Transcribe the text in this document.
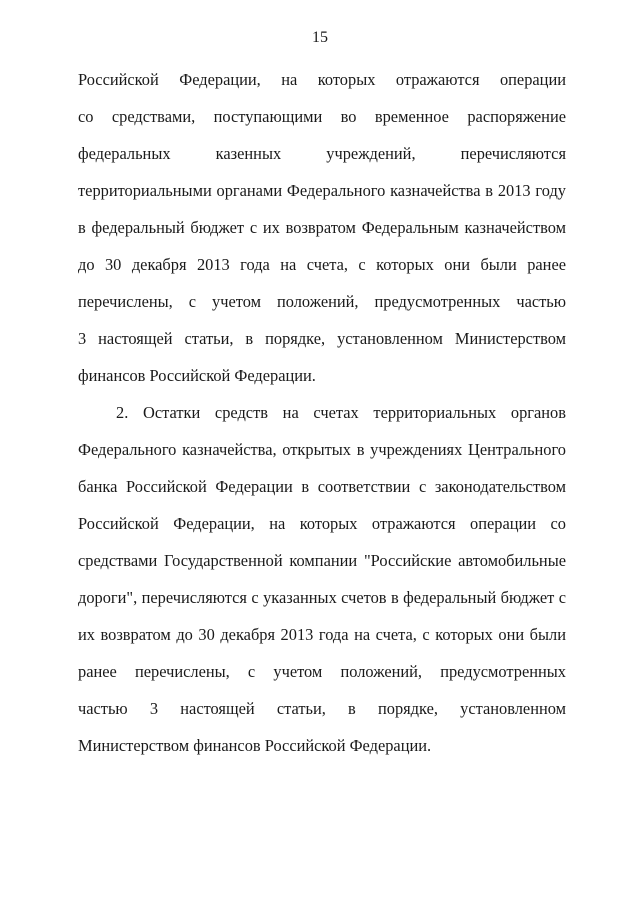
15
Российской Федерации, на которых отражаются операции
со средствами, поступающими во временное распоряжение
федеральных казенных учреждений, перечисляются
территориальными органами Федерального казначейства в 2013 году
в федеральный бюджет с их возвратом Федеральным казначейством
до 30 декабря 2013 года на счета, с которых они были ранее
перечислены, с учетом положений, предусмотренных частью
3 настоящей статьи, в порядке, установленном Министерством
финансов Российской Федерации.
2. Остатки средств на счетах территориальных органов
Федерального казначейства, открытых в учреждениях Центрального
банка Российской Федерации в соответствии с законодательством
Российской Федерации, на которых отражаются операции со
средствами Государственной компании "Российские автомобильные
дороги", перечисляются с указанных счетов в федеральный бюджет с
их возвратом до 30 декабря 2013 года на счета, с которых они были
ранее перечислены, с учетом положений, предусмотренных
частью 3 настоящей статьи, в порядке, установленном
Министерством финансов Российской Федерации.
